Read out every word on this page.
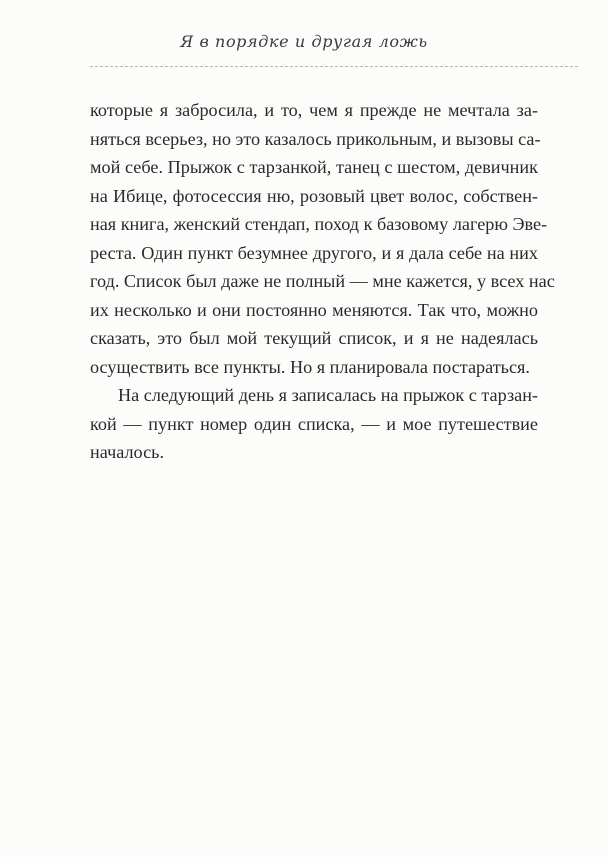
Я в порядке и другая ложь
которые я забросила, и то, чем я прежде не мечтала за-
няться всерьез, но это казалось прикольным, и вызовы са-
мой себе. Прыжок с тарзанкой, танец с шестом, девичник
на Ибице, фотосессия ню, розовый цвет волос, собствен-
ная книга, женский стендап, поход к базовому лагерю Эве-
реста. Один пункт безумнее другого, и я дала себе на них
год. Список был даже не полный — мне кажется, у всех нас
их несколько и они постоянно меняются. Так что, можно
сказать, это был мой текущий список, и я не надеялась
осуществить все пункты. Но я планировала постараться.
На следующий день я записалась на прыжок с тарзан-
кой — пункт номер один списка, — и мое путешествие
началось.
